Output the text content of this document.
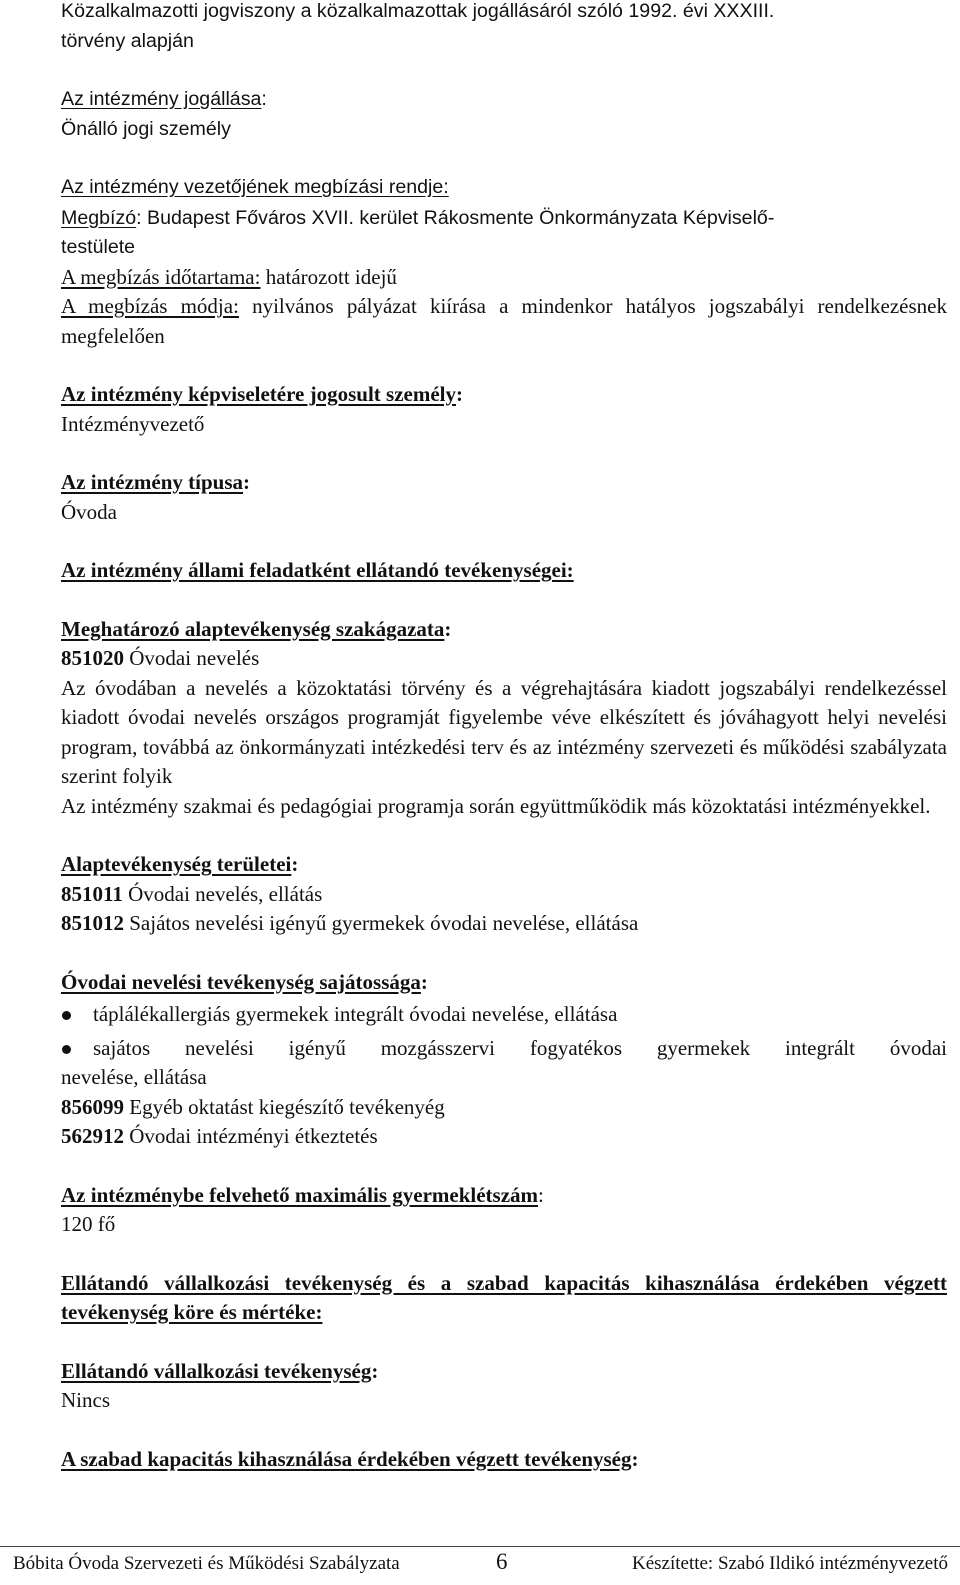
Közalkalmazotti jogviszony a közalkalmazottak jogállásáról szóló 1992. évi XXXIII.

törvény alapján

Az intézmény jogállása:

Önálló jogi személy

Az intézmény vezetőjének megbízási rendje:

Megbízó: Budapest Főváros XVII. kerület Rákosmente Önkormányzata Képviselő-

testülete

A megbízás időtartama: határozott idejű

A megbízás módja: nyilvános pályázat kiírása a mindenkor hatályos jogszabályi rendelkezésnek megfelelően

Az intézmény képviseletére jogosult személy:

Intézményvezető

Az intézmény típusa:

Óvoda

Az intézmény állami feladatként ellátandó tevékenységei:

Meghatározó alaptevékenység szakágazata:

851020 Óvodai nevelés

Az óvodában a nevelés a közoktatási törvény és a végrehajtására kiadott jogszabályi rendelkezéssel kiadott óvodai nevelés országos programját figyelembe véve elkészített és jóváhagyott helyi nevelési program, továbbá az önkormányzati intézkedési terv és az intézmény szervezeti és működési szabályzata szerint folyik

Az intézmény szakmai és pedagógiai programja során együttműködik más közoktatási intézményekkel.

Alaptevékenység területei:

851011 Óvodai nevelés, ellátás

851012 Sajátos nevelési igényű gyermekek óvodai nevelése, ellátása

Óvodai nevelési tevékenység sajátossága:

táplálékallergiás gyermekek integrált óvodai nevelése, ellátása
sajátos nevelési igényű mozgásszervi fogyatékos gyermekek integrált óvodai

nevelése, ellátása

856099 Egyéb oktatást kiegészítő tevékenyég

562912 Óvodai intézményi étkeztetés

Az intézménybe felvehető maximális gyermeklétszám:

120 fő

Ellátandó vállalkozási tevékenység és a szabad kapacitás kihasználása érdekében végzett tevékenység köre és mértéke:

Ellátandó vállalkozási tevékenység:

Nincs

A szabad kapacitás kihasználása érdekében végzett tevékenység:

Bóbita Óvoda Szervezeti és Működési Szabályzata	6	Készítette: Szabó Ildikó intézményvezető
